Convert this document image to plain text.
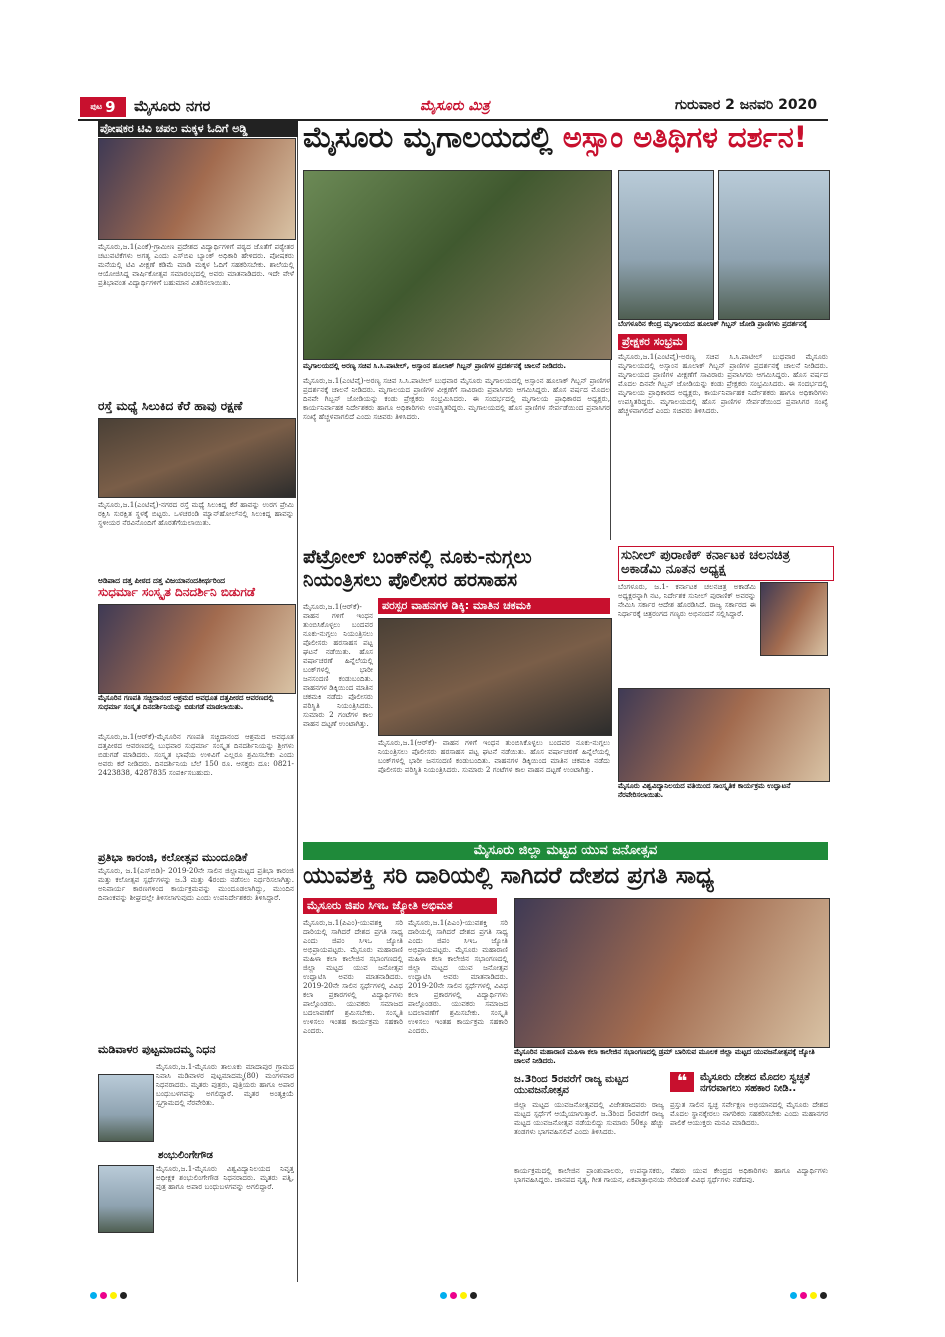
ಪುಟ 9 ಮೈಸೂರು ನಗರ	ಮೈಸೂರು ಮಿತ್ರ	ಗುರುವಾರ 2 ಜನವರಿ 2020
ಪೋಷಕರ ಟಿವಿ ಚಪಲ ಮಕ್ಕಳ ಓದಿಗೆ ಅಡ್ಡಿ
ಮೈಸೂರು,ಜ.1(ಎಂಕೆ)-ಗ್ರಾಮೀಣ ಪ್ರದೇಶದ ವಿದ್ಯಾರ್ಥಿಗಳಿಗೆ ಪಠ್ಯದ ಜೊತೆಗೆ ಪಠ್ಯೇತರ ಚಟುವಟಿಕೆಗಳು ಅಗತ್ಯ ಎಂದು ಎಸ್‌ಬಿಐ ಬ್ಯಾಂಕ್ ಅಧಿಕಾರಿ ಹೇಳಿದರು. ಪೋಷಕರು ಮನೆಯಲ್ಲಿ ಟಿವಿ ವೀಕ್ಷಣೆ ಕಡಿಮೆ ಮಾಡಿ ಮಕ್ಕಳ ಓದಿಗೆ ಸಹಕರಿಸಬೇಕು. ಶಾಲೆಯಲ್ಲಿ ಆಯೋಜಿಸಿದ್ದ ವಾರ್ಷಿಕೋತ್ಸವ ಸಮಾರಂಭದಲ್ಲಿ ಅವರು ಮಾತನಾಡಿದರು. ಇದೇ ವೇಳೆ ಪ್ರತಿಭಾವಂತ ವಿದ್ಯಾರ್ಥಿಗಳಿಗೆ ಬಹುಮಾನ ವಿತರಿಸಲಾಯಿತು.
ರಸ್ತೆ ಮಧ್ಯೆ ಸಿಲುಕಿದ ಕೆರೆ ಹಾವು ರಕ್ಷಣೆ
ಮೈಸೂರು,ಜ.1(ಎಂಟಿವೈ)-ನಗರದ ರಸ್ತೆ ಮಧ್ಯೆ ಸಿಲುಕಿದ್ದ ಕೆರೆ ಹಾವನ್ನು ಉರಗ ಪ್ರೇಮಿ ರಕ್ಷಿಸಿ ಸುರಕ್ಷಿತ ಸ್ಥಳಕ್ಕೆ ಬಿಟ್ಟರು. ಒಳಚರಂಡಿ ಮ್ಯಾನ್‌ಹೋಲ್‌ನಲ್ಲಿ ಸಿಲುಕಿದ್ದ ಹಾವನ್ನು ಸ್ಥಳೀಯರ ನೆರವಿನೊಂದಿಗೆ ಹೊರತೆಗೆಯಲಾಯಿತು.
ಅಡಿಪಾದ ದತ್ತ ಪೀಠದ ದತ್ತ ವಿಜಯಾನಂದತೀರ್ಥರಿಂದ
ಸುಧರ್ಮಾ ಸಂಸ್ಕೃತ ದಿನದರ್ಶಿನಿ ಬಿಡುಗಡೆ
ಮೈಸೂರಿನ ಗಣಪತಿ ಸಚ್ಚಿದಾನಂದ ಆಶ್ರಮದ ಅವಧೂತ ದತ್ತಪೀಠದ ಆವರಣದಲ್ಲಿ ಸುಧರ್ಮಾ ಸಂಸ್ಕೃತ ದಿನದರ್ಶಿನಿಯನ್ನು ಬಿಡುಗಡೆ ಮಾಡಲಾಯಿತು.
ಮೈಸೂರು,ಜ.1(ಆರ್‌ಕೆ)-ಮೈಸೂರಿನ ಗಣಪತಿ ಸಚ್ಚಿದಾನಂದ ಆಶ್ರಮದ ಅವಧೂತ ದತ್ತಪೀಠದ ಆವರಣದಲ್ಲಿ ಬುಧವಾರ ಸುಧರ್ಮಾ ಸಂಸ್ಕೃತ ದಿನದರ್ಶಿನಿಯನ್ನು ಶ್ರೀಗಳು ಬಿಡುಗಡೆ ಮಾಡಿದರು. ಸಂಸ್ಕೃತ ಭಾಷೆಯ ಉಳಿವಿಗೆ ಎಲ್ಲರೂ ಶ್ರಮಿಸಬೇಕು ಎಂದು ಅವರು ಕರೆ ನೀಡಿದರು. ದಿನದರ್ಶಿನಿಯ ಬೆಲೆ 150 ರೂ. ಆಸಕ್ತರು ದೂ: 0821-2423838, 4287835 ಸಂಪರ್ಕಿಸಬಹುದು.
ಪ್ರತಿಭಾ ಕಾರಂಜಿ, ಕಲೋತ್ಸವ ಮುಂದೂಡಿಕೆ
ಮೈಸೂರು, ಜ.1(ಎಸ್‌ಬಿಡಿ)- 2019-20ನೇ ಸಾಲಿನ ಜಿಲ್ಲಾಮಟ್ಟದ ಪ್ರತಿಭಾ ಕಾರಂಜಿ ಮತ್ತು ಕಲೋತ್ಸವ ಸ್ಪರ್ಧೆಗಳನ್ನು ಜ.3 ಮತ್ತು 4ರಂದು ನಡೆಸಲು ನಿರ್ಧರಿಸಲಾಗಿತ್ತು. ಅನಿವಾರ್ಯ ಕಾರಣಗಳಿಂದ ಕಾರ್ಯಕ್ರಮವನ್ನು ಮುಂದೂಡಲಾಗಿದ್ದು, ಮುಂದಿನ ದಿನಾಂಕವನ್ನು ಶೀಘ್ರದಲ್ಲೇ ತಿಳಿಸಲಾಗುವುದು ಎಂದು ಉಪನಿರ್ದೇಶಕರು ತಿಳಿಸಿದ್ದಾರೆ.
ಮಡಿವಾಳರ ಪುಟ್ಟಮಾದಮ್ಮ ನಿಧನ
ಮೈಸೂರು,ಜ.1-ಮೈಸೂರು ತಾಲೂಕು ಮಾದಾಪುರ ಗ್ರಾಮದ ನಿವಾಸಿ ಮಡಿವಾಳರ ಪುಟ್ಟಮಾದಮ್ಮ(80) ಮಂಗಳವಾರ ನಿಧನರಾದರು. ಮೃತರು ಪುತ್ರರು, ಪುತ್ರಿಯರು ಹಾಗೂ ಅಪಾರ ಬಂಧುಬಳಗವನ್ನು ಅಗಲಿದ್ದಾರೆ. ಮೃತರ ಅಂತ್ಯಕ್ರಿಯೆ ಸ್ವಗ್ರಾಮದಲ್ಲಿ ನೆರವೇರಿತು.
ಶಂಭುಲಿಂಗೇಗೌಡ
ಮೈಸೂರು,ಜ.1-ಮೈಸೂರು ವಿಶ್ವವಿದ್ಯಾನಿಲಯದ ನಿವೃತ್ತ ಅಧೀಕ್ಷಕ ಶಂಭುಲಿಂಗೇಗೌಡ ನಿಧನರಾದರು. ಮೃತರು ಪತ್ನಿ, ಪುತ್ರ ಹಾಗೂ ಅಪಾರ ಬಂಧುಬಳಗವನ್ನು ಅಗಲಿದ್ದಾರೆ.
ಮೈಸೂರು ಮೃಗಾಲಯದಲ್ಲಿ ಅಸ್ಸಾಂ ಅತಿಥಿಗಳ ದರ್ಶನ!
ಬೆಂಗಳೂರಿನ ಕೇಂದ್ರ ಮೃಗಾಲಯದ ಹೂಲಾಕ್ ಗಿಬ್ಬನ್ ಜೋಡಿ ಪ್ರಾಣಿಗಳು ಪ್ರದರ್ಶನಕ್ಕೆ
ಪ್ರೇಕ್ಷಕರ ಸಂಭ್ರಮ
ಮೈಸೂರು,ಜ.1(ಎಂಟಿವೈ)-ಅರಣ್ಯ ಸಚಿವ ಸಿ.ಸಿ.ಪಾಟೀಲ್ ಬುಧವಾರ ಮೈಸೂರು ಮೃಗಾಲಯದಲ್ಲಿ ಅಸ್ಸಾಂನ ಹೂಲಾಕ್ ಗಿಬ್ಬನ್ ಪ್ರಾಣಿಗಳ ಪ್ರದರ್ಶನಕ್ಕೆ ಚಾಲನೆ ನೀಡಿದರು. ಮೃಗಾಲಯದ ಪ್ರಾಣಿಗಳ ವೀಕ್ಷಣೆಗೆ ಸಾವಿರಾರು ಪ್ರವಾಸಿಗರು ಆಗಮಿಸಿದ್ದರು. ಹೊಸ ವರ್ಷದ ಮೊದಲ ದಿನವೇ ಗಿಬ್ಬನ್ ಜೋಡಿಯನ್ನು ಕಂಡು ಪ್ರೇಕ್ಷಕರು ಸಂಭ್ರಮಿಸಿದರು. ಈ ಸಂದರ್ಭದಲ್ಲಿ ಮೃಗಾಲಯ ಪ್ರಾಧಿಕಾರದ ಅಧ್ಯಕ್ಷರು, ಕಾರ್ಯನಿರ್ವಾಹಕ ನಿರ್ದೇಶಕರು ಹಾಗೂ ಅಧಿಕಾರಿಗಳು ಉಪಸ್ಥಿತರಿದ್ದರು. ಮೃಗಾಲಯದಲ್ಲಿ ಹೊಸ ಪ್ರಾಣಿಗಳ ಸೇರ್ಪಡೆಯಿಂದ ಪ್ರವಾಸಿಗರ ಸಂಖ್ಯೆ ಹೆಚ್ಚಳವಾಗಲಿದೆ ಎಂದು ಸಚಿವರು ತಿಳಿಸಿದರು.
ಮೃಗಾಲಯದಲ್ಲಿ ಅರಣ್ಯ ಸಚಿವ ಸಿ.ಸಿ.ಪಾಟೀಲ್, ಅಸ್ಸಾಂನ ಹೂಲಾಕ್ ಗಿಬ್ಬನ್ ಪ್ರಾಣಿಗಳ ಪ್ರದರ್ಶನಕ್ಕೆ ಚಾಲನೆ ನೀಡಿದರು.
ಮೈಸೂರು,ಜ.1(ಎಂಟಿವೈ)-ಅರಣ್ಯ ಸಚಿವ ಸಿ.ಸಿ.ಪಾಟೀಲ್ ಬುಧವಾರ ಮೈಸೂರು ಮೃಗಾಲಯದಲ್ಲಿ ಅಸ್ಸಾಂನ ಹೂಲಾಕ್ ಗಿಬ್ಬನ್ ಪ್ರಾಣಿಗಳ ಪ್ರದರ್ಶನಕ್ಕೆ ಚಾಲನೆ ನೀಡಿದರು. ಮೃಗಾಲಯದ ಪ್ರಾಣಿಗಳ ವೀಕ್ಷಣೆಗೆ ಸಾವಿರಾರು ಪ್ರವಾಸಿಗರು ಆಗಮಿಸಿದ್ದರು. ಹೊಸ ವರ್ಷದ ಮೊದಲ ದಿನವೇ ಗಿಬ್ಬನ್ ಜೋಡಿಯನ್ನು ಕಂಡು ಪ್ರೇಕ್ಷಕರು ಸಂಭ್ರಮಿಸಿದರು. ಈ ಸಂದರ್ಭದಲ್ಲಿ ಮೃಗಾಲಯ ಪ್ರಾಧಿಕಾರದ ಅಧ್ಯಕ್ಷರು, ಕಾರ್ಯನಿರ್ವಾಹಕ ನಿರ್ದೇಶಕರು ಹಾಗೂ ಅಧಿಕಾರಿಗಳು ಉಪಸ್ಥಿತರಿದ್ದರು. ಮೃಗಾಲಯದಲ್ಲಿ ಹೊಸ ಪ್ರಾಣಿಗಳ ಸೇರ್ಪಡೆಯಿಂದ ಪ್ರವಾಸಿಗರ ಸಂಖ್ಯೆ ಹೆಚ್ಚಳವಾಗಲಿದೆ ಎಂದು ಸಚಿವರು ತಿಳಿಸಿದರು.
ಪೆಟ್ರೋಲ್ ಬಂಕ್‌ನಲ್ಲಿ ನೂಕು-ನುಗ್ಗಲು ನಿಯಂತ್ರಿಸಲು ಪೊಲೀಸರ ಹರಸಾಹಸ
ಪರಸ್ಪರ ವಾಹನಗಳ ಡಿಕ್ಕಿ: ಮಾತಿನ ಚಕಮಕಿ
ಮೈಸೂರು,ಜ.1(ಆರ್‌ಕೆ)- ವಾಹನ ಗಳಿಗೆ ಇಂಧನ ತುಂಬಿಸಿಕೊಳ್ಳಲು ಬಂದವರ ನೂಕು-ನುಗ್ಗಲು ನಿಯಂತ್ರಿಸಲು ಪೊಲೀಸರು ಹರಸಾಹಸ ಪಟ್ಟ ಘಟನೆ ನಡೆಯಿತು. ಹೊಸ ವರ್ಷಾಚರಣೆ ಹಿನ್ನೆಲೆಯಲ್ಲಿ ಬಂಕ್‌ಗಳಲ್ಲಿ ಭಾರೀ ಜನಸಂದಣಿ ಕಂಡುಬಂದಿತು. ವಾಹನಗಳ ಡಿಕ್ಕಿಯಿಂದ ಮಾತಿನ ಚಕಮಕಿ ನಡೆದು ಪೊಲೀಸರು ಪರಿಸ್ಥಿತಿ ನಿಯಂತ್ರಿಸಿದರು. ಸುಮಾರು 2 ಗಂಟೆಗಳ ಕಾಲ ವಾಹನ ದಟ್ಟಣೆ ಉಂಟಾಗಿತ್ತು.
ಮೈಸೂರು,ಜ.1(ಆರ್‌ಕೆ)- ವಾಹನ ಗಳಿಗೆ ಇಂಧನ ತುಂಬಿಸಿಕೊಳ್ಳಲು ಬಂದವರ ನೂಕು-ನುಗ್ಗಲು ನಿಯಂತ್ರಿಸಲು ಪೊಲೀಸರು ಹರಸಾಹಸ ಪಟ್ಟ ಘಟನೆ ನಡೆಯಿತು. ಹೊಸ ವರ್ಷಾಚರಣೆ ಹಿನ್ನೆಲೆಯಲ್ಲಿ ಬಂಕ್‌ಗಳಲ್ಲಿ ಭಾರೀ ಜನಸಂದಣಿ ಕಂಡುಬಂದಿತು. ವಾಹನಗಳ ಡಿಕ್ಕಿಯಿಂದ ಮಾತಿನ ಚಕಮಕಿ ನಡೆದು ಪೊಲೀಸರು ಪರಿಸ್ಥಿತಿ ನಿಯಂತ್ರಿಸಿದರು. ಸುಮಾರು 2 ಗಂಟೆಗಳ ಕಾಲ ವಾಹನ ದಟ್ಟಣೆ ಉಂಟಾಗಿತ್ತು.
ಸುನೀಲ್ ಪುರಾಣಿಕ್ ಕರ್ನಾಟಕ ಚಲನಚಿತ್ರ ಅಕಾಡೆಮಿ ನೂತನ ಅಧ್ಯಕ್ಷ
ಬೆಂಗಳೂರು, ಜ.1- ಕರ್ನಾಟಕ ಚಲನಚಿತ್ರ ಅಕಾಡೆಮಿ ಅಧ್ಯಕ್ಷರನ್ನಾಗಿ ನಟ, ನಿರ್ದೇಶಕ ಸುನೀಲ್ ಪುರಾಣಿಕ್ ಅವರನ್ನು ನೇಮಿಸಿ ಸರ್ಕಾರ ಆದೇಶ ಹೊರಡಿಸಿದೆ. ರಾಜ್ಯ ಸರ್ಕಾರದ ಈ ನಿರ್ಧಾರಕ್ಕೆ ಚಿತ್ರರಂಗದ ಗಣ್ಯರು ಅಭಿನಂದನೆ ಸಲ್ಲಿಸಿದ್ದಾರೆ.
ಮೈಸೂರು ವಿಶ್ವವಿದ್ಯಾನಿಲಯದ ವತಿಯಿಂದ ಸಾಂಸ್ಕೃತಿಕ ಕಾರ್ಯಕ್ರಮ ಉದ್ಘಾಟನೆ ನೆರವೇರಿಸಲಾಯಿತು.
ಮೈಸೂರು ಜಿಲ್ಲಾ ಮಟ್ಟದ ಯುವ ಜನೋತ್ಸವ
ಯುವಶಕ್ತಿ ಸರಿ ದಾರಿಯಲ್ಲಿ ಸಾಗಿದರೆ ದೇಶದ ಪ್ರಗತಿ ಸಾಧ್ಯ
ಮೈಸೂರು ಜಿಪಂ ಸಿಇಒ ಜ್ಯೋತಿ ಅಭಿಮತ
ಮೈಸೂರು,ಜ.1(ಪಿಎಂ)-ಯುವಶಕ್ತಿ ಸರಿ ದಾರಿಯಲ್ಲಿ ಸಾಗಿದರೆ ದೇಶದ ಪ್ರಗತಿ ಸಾಧ್ಯ ಎಂದು ಜಿಪಂ ಸಿಇಒ ಜ್ಯೋತಿ ಅಭಿಪ್ರಾಯಪಟ್ಟರು. ಮೈಸೂರು ಮಹಾರಾಣಿ ಮಹಿಳಾ ಕಲಾ ಕಾಲೇಜಿನ ಸಭಾಂಗಣದಲ್ಲಿ ಜಿಲ್ಲಾ ಮಟ್ಟದ ಯುವ ಜನೋತ್ಸವ ಉದ್ಘಾಟಿಸಿ ಅವರು ಮಾತನಾಡಿದರು. 2019-20ನೇ ಸಾಲಿನ ಸ್ಪರ್ಧೆಗಳಲ್ಲಿ ವಿವಿಧ ಕಲಾ ಪ್ರಕಾರಗಳಲ್ಲಿ ವಿದ್ಯಾರ್ಥಿಗಳು ಪಾಲ್ಗೊಂಡರು. ಯುವಕರು ಸಮಾಜದ ಬದಲಾವಣೆಗೆ ಶ್ರಮಿಸಬೇಕು. ಸಂಸ್ಕೃತಿ ಉಳಿಸಲು ಇಂತಹ ಕಾರ್ಯಕ್ರಮ ಸಹಕಾರಿ ಎಂದರು.
ಮೈಸೂರು,ಜ.1(ಪಿಎಂ)-ಯುವಶಕ್ತಿ ಸರಿ ದಾರಿಯಲ್ಲಿ ಸಾಗಿದರೆ ದೇಶದ ಪ್ರಗತಿ ಸಾಧ್ಯ ಎಂದು ಜಿಪಂ ಸಿಇಒ ಜ್ಯೋತಿ ಅಭಿಪ್ರಾಯಪಟ್ಟರು. ಮೈಸೂರು ಮಹಾರಾಣಿ ಮಹಿಳಾ ಕಲಾ ಕಾಲೇಜಿನ ಸಭಾಂಗಣದಲ್ಲಿ ಜಿಲ್ಲಾ ಮಟ್ಟದ ಯುವ ಜನೋತ್ಸವ ಉದ್ಘಾಟಿಸಿ ಅವರು ಮಾತನಾಡಿದರು. 2019-20ನೇ ಸಾಲಿನ ಸ್ಪರ್ಧೆಗಳಲ್ಲಿ ವಿವಿಧ ಕಲಾ ಪ್ರಕಾರಗಳಲ್ಲಿ ವಿದ್ಯಾರ್ಥಿಗಳು ಪಾಲ್ಗೊಂಡರು. ಯುವಕರು ಸಮಾಜದ ಬದಲಾವಣೆಗೆ ಶ್ರಮಿಸಬೇಕು. ಸಂಸ್ಕೃತಿ ಉಳಿಸಲು ಇಂತಹ ಕಾರ್ಯಕ್ರಮ ಸಹಕಾರಿ ಎಂದರು.
ಮೈಸೂರಿನ ಮಹಾರಾಣಿ ಮಹಿಳಾ ಕಲಾ ಕಾಲೇಜಿನ ಸಭಾಂಗಣದಲ್ಲಿ ಡ್ರಮ್ ಬಾರಿಸುವ ಮೂಲಕ ಜಿಲ್ಲಾ ಮಟ್ಟದ ಯುವಜನೋತ್ಸವಕ್ಕೆ ಜ್ಯೋತಿ ಚಾಲನೆ ನೀಡಿದರು.
ಜ.3ರಿಂದ 5ರವರೆಗೆ ರಾಜ್ಯ ಮಟ್ಟದ ಯುವಜನೋತ್ಸವ
ಜಿಲ್ಲಾ ಮಟ್ಟದ ಯುವಜನೋತ್ಸವದಲ್ಲಿ ವಿಜೇತರಾದವರು ರಾಜ್ಯ ಮಟ್ಟದ ಸ್ಪರ್ಧೆಗೆ ಆಯ್ಕೆಯಾಗುತ್ತಾರೆ. ಜ.3ರಿಂದ 5ರವರೆಗೆ ರಾಜ್ಯ ಮಟ್ಟದ ಯುವಜನೋತ್ಸವ ನಡೆಯಲಿದ್ದು ಸುಮಾರು 50ಕ್ಕೂ ಹೆಚ್ಚು ತಂಡಗಳು ಭಾಗವಹಿಸಲಿವೆ ಎಂದು ತಿಳಿಸಿದರು.
❝	ಮೈಸೂರು ದೇಶದ ಮೊದಲ ಸ್ವಚ್ಛತೆ ನಗರವಾಗಲು ಸಹಕಾರ ನೀಡಿ..
ಪ್ರಸ್ತುತ ಸಾಲಿನ ಸ್ವಚ್ಛ ಸರ್ವೇಕ್ಷಣ ಅಭಿಯಾನದಲ್ಲಿ ಮೈಸೂರು ದೇಶದ ಮೊದಲ ಸ್ಥಾನಕ್ಕೇರಲು ನಾಗರಿಕರು ಸಹಕರಿಸಬೇಕು ಎಂದು ಮಹಾನಗರ ಪಾಲಿಕೆ ಆಯುಕ್ತರು ಮನವಿ ಮಾಡಿದರು.
ಕಾರ್ಯಕ್ರಮದಲ್ಲಿ ಕಾಲೇಜಿನ ಪ್ರಾಂಶುಪಾಲರು, ಉಪನ್ಯಾಸಕರು, ನೆಹರು ಯುವ ಕೇಂದ್ರದ ಅಧಿಕಾರಿಗಳು ಹಾಗೂ ವಿದ್ಯಾರ್ಥಿಗಳು ಭಾಗವಹಿಸಿದ್ದರು. ಜಾನಪದ ನೃತ್ಯ, ಗೀತ ಗಾಯನ, ಏಕಪಾತ್ರಾಭಿನಯ ಸೇರಿದಂತೆ ವಿವಿಧ ಸ್ಪರ್ಧೆಗಳು ನಡೆದವು.
